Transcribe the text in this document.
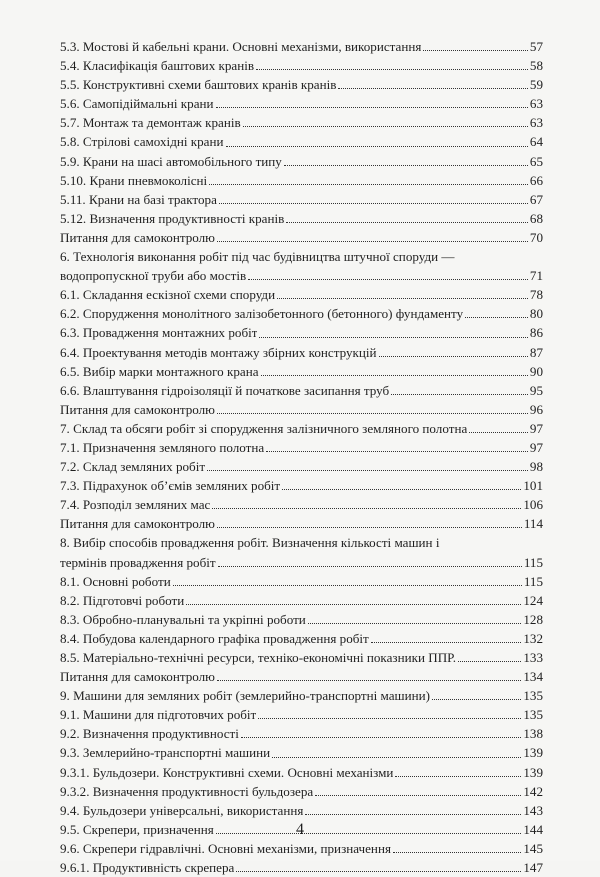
5.3. Мостові й кабельні крани. Основні механізми, використання	57
5.4. Класифікація баштових кранів	58
5.5. Конструктивні схеми баштових кранів кранів	59
5.6. Самопідіймальні крани	63
5.7. Монтаж та демонтаж кранів	63
5.8. Стрілові самохідні крани	64
5.9. Крани на шасі автомобільного типу	65
5.10. Крани пневмоколісні	66
5.11. Крани на базі трактора	67
5.12. Визначення продуктивності кранів	68
Питання для самоконтролю	70
6. Технологія виконання робіт під час будівництва штучної споруди —
водопропускної труби або мостів	71
6.1. Складання ескізної схеми споруди	78
6.2. Спорудження монолітного залізобетонного (бетонного) фундаменту	80
6.3. Провадження монтажних робіт	86
6.4. Проектування методів монтажу збірних конструкцій	87
6.5. Вибір марки монтажного крана	90
6.6. Влаштування гідроізоляції й початкове засипання труб	95
Питання для самоконтролю	96
7. Склад та обсяги робіт зі спорудження залізничного земляного полотна	97
7.1. Призначення земляного полотна	97
7.2. Склад земляних робіт	98
7.3. Підрахунок об’ємів земляних робіт	101
7.4. Розподіл земляних мас	106
Питання для самоконтролю	114
8. Вибір способів провадження робіт. Визначення кількості машин і
термінів провадження робіт	115
8.1. Основні роботи	115
8.2. Підготовчі роботи	124
8.3. Обробно-планувальні та укріпні роботи	128
8.4. Побудова календарного графіка провадження робіт	132
8.5. Матеріально-технічні ресурси, техніко-економічні показники ППР.	133
Питання для самоконтролю	134
9. Машини для земляних робіт (землерийно-транспортні машини)	135
9.1. Машини для підготовчих робіт	135
9.2. Визначення продуктивності	138
9.3. Землерийно-транспортні машини	139
9.3.1. Бульдозери. Конструктивні схеми. Основні механізми	139
9.3.2. Визначення продуктивності бульдозера	142
9.4. Бульдозери універсальні, використання	143
9.5. Скрепери, призначення	144
9.6. Скрепери гідравлічні. Основні механізми, призначення	145
9.6.1. Продуктивність скрепера	147
4
